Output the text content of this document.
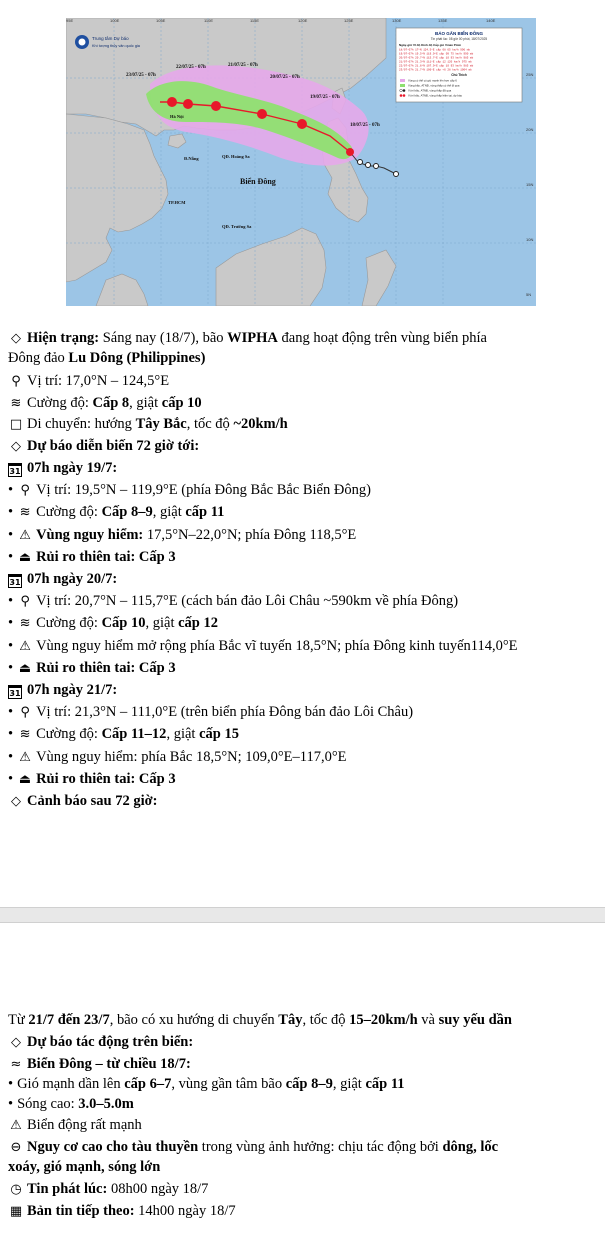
23/07/25 - 07h
22/07/25 - 07h	21/07/25 - 07h
20/07/25 - 07h
19/07/25 - 07h
18/07/25 - 07h
Hà Nội
Đ.Nẵng	QĐ. Hoàng Sa
Biển Đông
TP.HCM
QĐ. Trường Sa
Trung tâm Dự báo
Khí tượng thủy văn quốc gia
95E	100E	105E	110E	115E	120E	125E	130E	135E	140E
25N
20N
15N
10N
5N
BÁO GẤN BIỂN ĐÔNG
Tin phát lúc: 08 giờ 00 phút, 18/07/2025
Ngày-giờ Vĩ độ Kinh độ Cấp gió Vmax Pmin
18/07-07h 17ºN 124.5ºE cấp 08 65 km/h 996 mb
19/07-07h 19.5ºN 119.9ºE cấp 09 75 km/h 990 mb
20/07-07h 20.7ºN 115.7ºE cấp 10 93 km/h 985 mb
21/07-07h 21.3ºN 111ºE cấp 12 120 km/h 975 mb
22/07-07h 21.6ºN 107.9ºE cấp 10 93 km/h 985 mb
23/07-07h 21.7ºN 106ºE cấp <6 28 km/h 1004 mb
Chú Thích
Vùng có thể có gió mạnh lên hơn cấp 6
Vùng bão, ATNĐ, vùng thấp có thể đi qua
Vị trí bão, ATNĐ, vùng thấp đã qua
Vị trí bão, ATNĐ, vùng thấp hiện tại, dự báo
◇ Hiện trạng: Sáng nay (18/7), bão WIPHA đang hoạt động trên vùng biển phía
Đông đảo Lu Dông (Philippines)
⚲ Vị trí: 17,0°N – 124,5°E
≋ Cường độ: Cấp 8, giật cấp 10
□ Di chuyển: hướng Tây Bắc, tốc độ ~20km/h
◇ Dự báo diễn biến 72 giờ tới:
31 07h ngày 19/7:
• ⚲ Vị trí: 19,5°N – 119,9°E (phía Đông Bắc Bắc Biển Đông)
• ≋ Cường độ: Cấp 8–9, giật cấp 11
• ⚠ Vùng nguy hiểm: 17,5°N–22,0°N; phía Đông 118,5°E
• ⏏ Rủi ro thiên tai: Cấp 3
31 07h ngày 20/7:
• ⚲ Vị trí: 20,7°N – 115,7°E (cách bán đảo Lôi Châu ~590km về phía Đông)
• ≋ Cường độ: Cấp 10, giật cấp 12
• ⚠ Vùng nguy hiểm mở rộng phía Bắc vĩ tuyến 18,5°N; phía Đông kinh tuyến114,0°E
• ⏏ Rủi ro thiên tai: Cấp 3
31 07h ngày 21/7:
• ⚲ Vị trí: 21,3°N – 111,0°E (trên biển phía Đông bán đảo Lôi Châu)
• ≋ Cường độ: Cấp 11–12, giật cấp 15
• ⚠ Vùng nguy hiểm: phía Bắc 18,5°N; 109,0°E–117,0°E
• ⏏ Rủi ro thiên tai: Cấp 3
◇ Cảnh báo sau 72 giờ:
Từ 21/7 đến 23/7, bão có xu hướng di chuyển Tây, tốc độ 15–20km/h và suy yếu dần
◇ Dự báo tác động trên biển:
≈ Biển Đông – từ chiều 18/7:
• Gió mạnh dần lên cấp 6–7, vùng gần tâm bão cấp 8–9, giật cấp 11
• Sóng cao: 3.0–5.0m
⚠ Biển động rất mạnh
⊖ Nguy cơ cao cho tàu thuyền trong vùng ảnh hưởng: chịu tác động bởi dông, lốc
xoáy, gió mạnh, sóng lớn
◷ Tin phát lúc: 08h00 ngày 18/7
▦ Bản tin tiếp theo: 14h00 ngày 18/7
